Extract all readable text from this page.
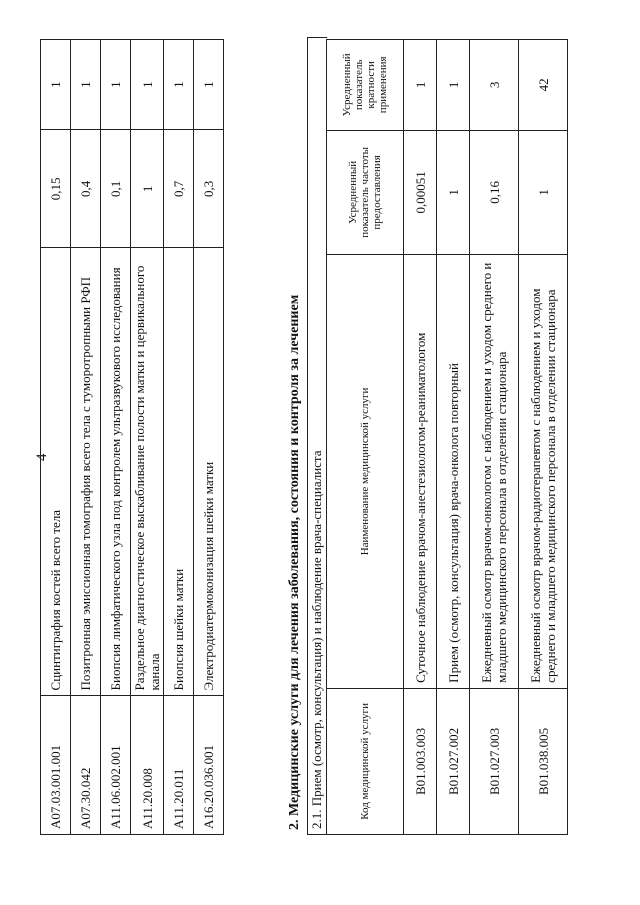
4
A07.03.001.001	Сцинтиграфия костей всего тела	0,15	1
A07.30.042	Позитронная эмиссионная томография всего тела с туморотропными РФП	0,4	1
A11.06.002.001	Биопсия лимфатического узла под контролем ультразвукового исследования	0,1	1
A11.20.008	Раздельное диагностическое выскабливание полости матки и цервикального канала	1	1
A11.20.011	Биопсия шейки матки	0,7	1
A16.20.036.001	Электродиатермоконизация шейки матки	0,3	1
2. Медицинские услуги для лечения заболевания, состояния и контроля за лечением 2.1. Прием (осмотр, консультация) и наблюдение врача-специалиста	Код медицинской услуги	Наименование медицинской услуги	Усредненный показатель частоты предоставления	Усредненный показатель кратности применения
B01.003.003	Суточное наблюдение врачом-анестезиологом-реаниматологом	0,00051	1
B01.027.002	Прием (осмотр, консультация) врача-онколога повторный	1	1
B01.027.003	Ежедневный осмотр врачом-онкологом с наблюдением и уходом среднего и младшего медицинского персонала в отделении стационара	0,16	3
B01.038.005	Ежедневный осмотр врачом-радиотерапевтом с наблюдением и уходом среднего и младшего медицинского персонала в отделении стационара	1	42
